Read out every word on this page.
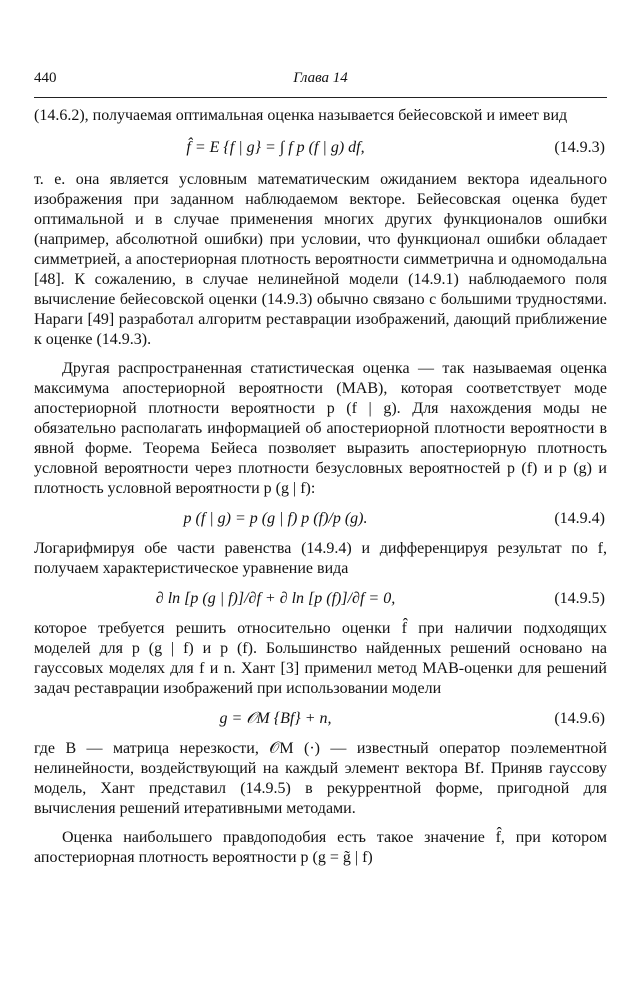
440	Глава 14

(14.6.2), получаемая оптимальная оценка называется бейесовской и имеет вид

f̂ = E {f | g} = ∫ f p (f | g) df,	(14.9.3)

т. е. она является условным математическим ожиданием вектора идеального изображения при заданном наблюдаемом векторе. Бейесовская оценка будет оптимальной и в случае применения многих других функционалов ошибки (например, абсолютной ошибки) при условии, что функционал ошибки обладает симметрией, а апостериорная плотность вероятности симметрична и одномодальна [48]. К сожалению, в случае нелинейной модели (14.9.1) наблюдаемого поля вычисление бейесовской оценки (14.9.3) обычно связано с большими трудностями. Нараги [49] разработал алгоритм реставрации изображений, дающий приближение к оценке (14.9.3).

Другая распространенная статистическая оценка — так называемая оценка максимума апостериорной вероятности (МАВ), которая соответствует моде апостериорной плотности вероятности p (f | g). Для нахождения моды не обязательно располагать информацией об апостериорной плотности вероятности в явной форме. Теорема Бейеса позволяет выразить апостериорную плотность условной вероятности через плотности безусловных вероятностей p (f) и p (g) и плотность условной вероятности p (g | f):

p (f | g) = p (g | f) p (f)/p (g).	(14.9.4)

Логарифмируя обе части равенства (14.9.4) и дифференцируя результат по f, получаем характеристическое уравнение вида

∂ ln [p (g | f)]/∂f + ∂ ln [p (f)]/∂f = 0,	(14.9.5)

которое требуется решить относительно оценки f̂ при наличии подходящих моделей для p (g | f) и p (f). Большинство найденных решений основано на гауссовых моделях для f и n. Хант [3] применил метод МАВ-оценки для решений задач реставрации изображений при использовании модели

g = 𝒪M {Bf} + n,	(14.9.6)

где B — матрица нерезкости, 𝒪M (·) — известный оператор поэлементной нелинейности, воздействующий на каждый элемент вектора Bf. Приняв гауссову модель, Хант представил (14.9.5) в рекуррентной форме, пригодной для вычисления решений итеративными методами.

Оценка наибольшего правдоподобия есть такое значение f̂, при котором апостериорная плотность вероятности p (g = g̃ | f)
